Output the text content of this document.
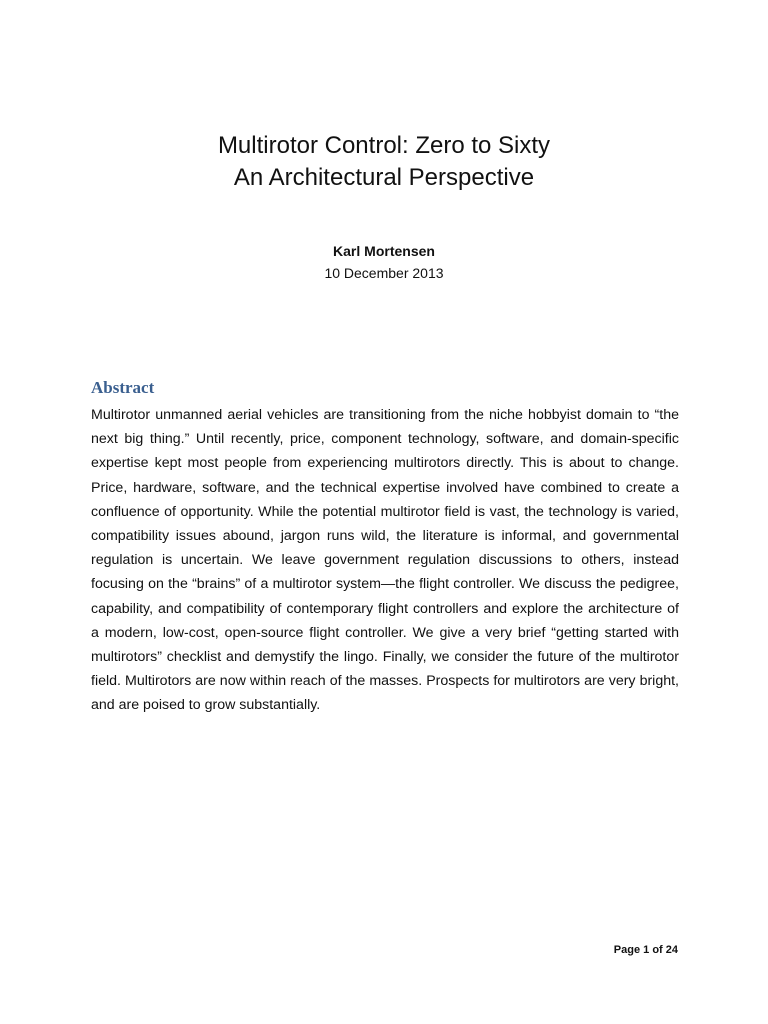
Multirotor Control: Zero to Sixty
An Architectural Perspective
Karl Mortensen
10 December 2013
Abstract

Multirotor unmanned aerial vehicles are transitioning from the niche hobbyist domain to “the next big thing.” Until recently, price, component technology, software, and domain-specific expertise kept most people from experiencing multirotors directly. This is about to change. Price, hardware, software, and the technical expertise involved have combined to create a confluence of opportunity. While the potential multirotor field is vast, the technology is varied, compatibility issues abound, jargon runs wild, the literature is informal, and governmental regulation is uncertain. We leave government regulation discussions to others, instead focusing on the “brains” of a multirotor system—the flight controller. We discuss the pedigree, capability, and compatibility of contemporary flight controllers and explore the architecture of a modern, low-cost, open-source flight controller. We give a very brief “getting started with multirotors” checklist and demystify the lingo. Finally, we consider the future of the multirotor field. Multirotors are now within reach of the masses. Prospects for multirotors are very bright, and are poised to grow substantially.

Page 1 of 24
